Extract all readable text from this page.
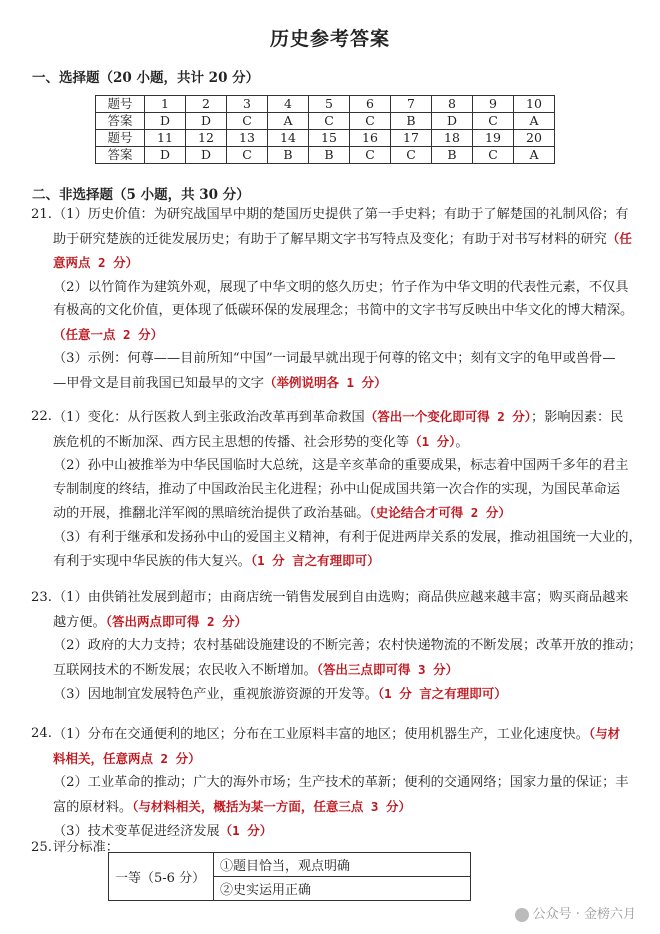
历史参考答案
一、选择题（20 小题，共计 20 分）
题号	1	2	3	4	5	6	7	8	9	10
答案	D	D	C	A	C	C	B	D	C	A
题号	11	12	13	14	15	16	17	18	19	20
答案	D	D	C	B	B	C	C	B	C	A
二、非选择题（5 小题，共 30 分）
21. （1）历史价值：为研究战国早中期的楚国历史提供了第一手史料；有助于了解楚国的礼制风俗；有
助于研究楚族的迁徙发展历史；有助于了解早期文字书写特点及变化；有助于对书写材料的研究（任
意两点 2 分）
（2）以竹简作为建筑外观，展现了中华文明的悠久历史；竹子作为中华文明的代表性元素，不仅具
有极高的文化价值，更体现了低碳环保的发展理念；书简中的文字书写反映出中华文化的博大精深。
（任意一点 2 分）
（3）示例：何尊——目前所知“中国”一词最早就出现于何尊的铭文中；刻有文字的龟甲或兽骨—
—甲骨文是目前我国已知最早的文字（举例说明各 1 分）
22. （1）变化：从行医救人到主张政治改革再到革命救国（答出一个变化即可得 2 分）；影响因素：民
族危机的不断加深、西方民主思想的传播、社会形势的变化等（1 分）。
（2）孙中山被推举为中华民国临时大总统，这是辛亥革命的重要成果，标志着中国两千多年的君主
专制制度的终结，推动了中国政治民主化进程；孙中山促成国共第一次合作的实现，为国民革命运
动的开展，推翻北洋军阀的黑暗统治提供了政治基础。（史论结合才可得 2 分）
（3）有利于继承和发扬孙中山的爱国主义精神，有利于促进两岸关系的发展，推动祖国统一大业的，
有利于实现中华民族的伟大复兴。（1 分 言之有理即可）
23. （1）由供销社发展到超市；由商店统一销售发展到自由选购；商品供应越来越丰富；购买商品越来
越方便。（答出两点即可得 2 分）
（2）政府的大力支持；农村基础设施建设的不断完善；农村快递物流的不断发展；改革开放的推动；
互联网技术的不断发展；农民收入不断增加。（答出三点即可得 3 分）
（3）因地制宜发展特色产业，重视旅游资源的开发等。（1 分 言之有理即可）
24. （1）分布在交通便利的地区；分布在工业原料丰富的地区；使用机器生产，工业化速度快。（与材
料相关，任意两点 2 分）
（2）工业革命的推动；广大的海外市场；生产技术的革新；便利的交通网络；国家力量的保证；丰
富的原材料。（与材料相关，概括为某一方面，任意三点 3 分）
（3）技术变革促进经济发展（1 分）
25. 评分标准：
一等（5-6 分）	①题目恰当，观点明确
②史实运用正确
公众号 · 金榜六月
